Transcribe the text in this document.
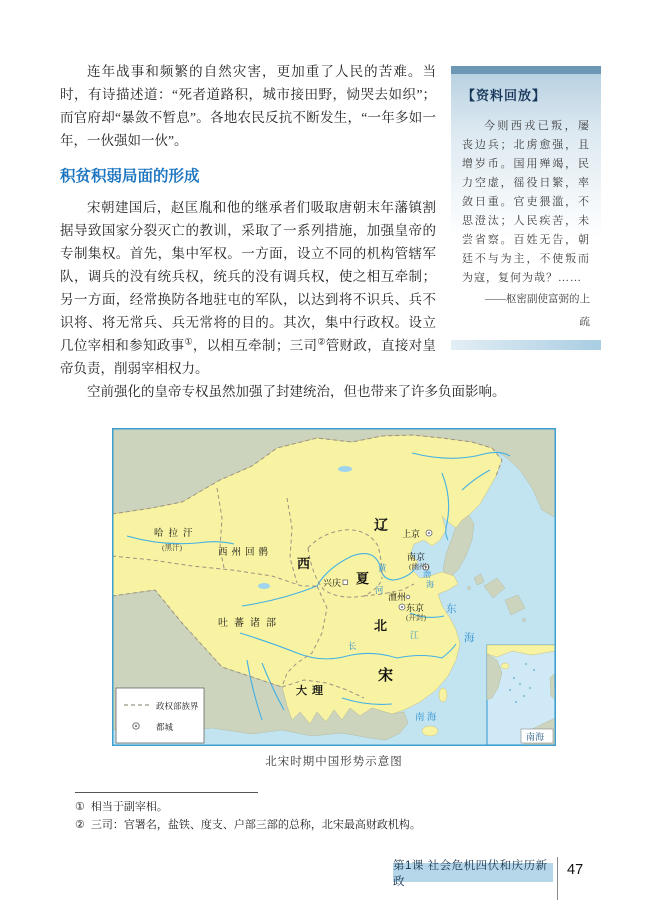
【资料回放】

今则西戎已叛，屡丧边兵；北虏愈强，且增岁币。国用殚竭，民力空虚，徭役日繁，率敛日重。官吏猥滥，不思澄汰；人民疾苦，未尝省察。百姓无告，朝廷不与为主，不使叛而为寇，复何为哉？……

——枢密副使富弼的上疏

连年战事和频繁的自然灾害，更加重了人民的苦难。当时，有诗描述道：“死者道路积，城市接田野，恸哭去如织”；而官府却“暴敛不暂息”。各地农民反抗不断发生，“一年多如一年，一伙强如一伙”。

积贫积弱局面的形成

宋朝建国后，赵匡胤和他的继承者们吸取唐朝末年藩镇割据导致国家分裂灭亡的教训，采取了一系列措施，加强皇帝的专制集权。首先，集中军权。一方面，设立不同的机构管辖军队，调兵的没有统兵权，统兵的没有调兵权，使之相互牵制；另一方面，经常换防各地驻屯的军队，以达到将不识兵、兵不识将、将无常兵、兵无常将的目的。其次，集中行政权。设立几位宰相和参知政事①，以相互牵制；三司②管财政，直接对皇帝负责，削弱宰相权力。

空前强化的皇帝专权虽然加强了封建统治，但也带来了许多负面影响。

辽
西
夏
北
宋
大理
哈拉汗
(黑汗)
西州回鹘
吐蕃诸部
上京
南京
(幽州)
澶州
东京
(开封)
兴庆
黄
河
长
江
渤
海
东
海
南 海
南海
政权部族界
都城
北宋时期中国形势示意图
① 相当于副宰相。
② 三司：官署名，盐铁、度支、户部三部的总称，北宋最高财政机构。
第1课 社会危机四伏和庆历新政
47
